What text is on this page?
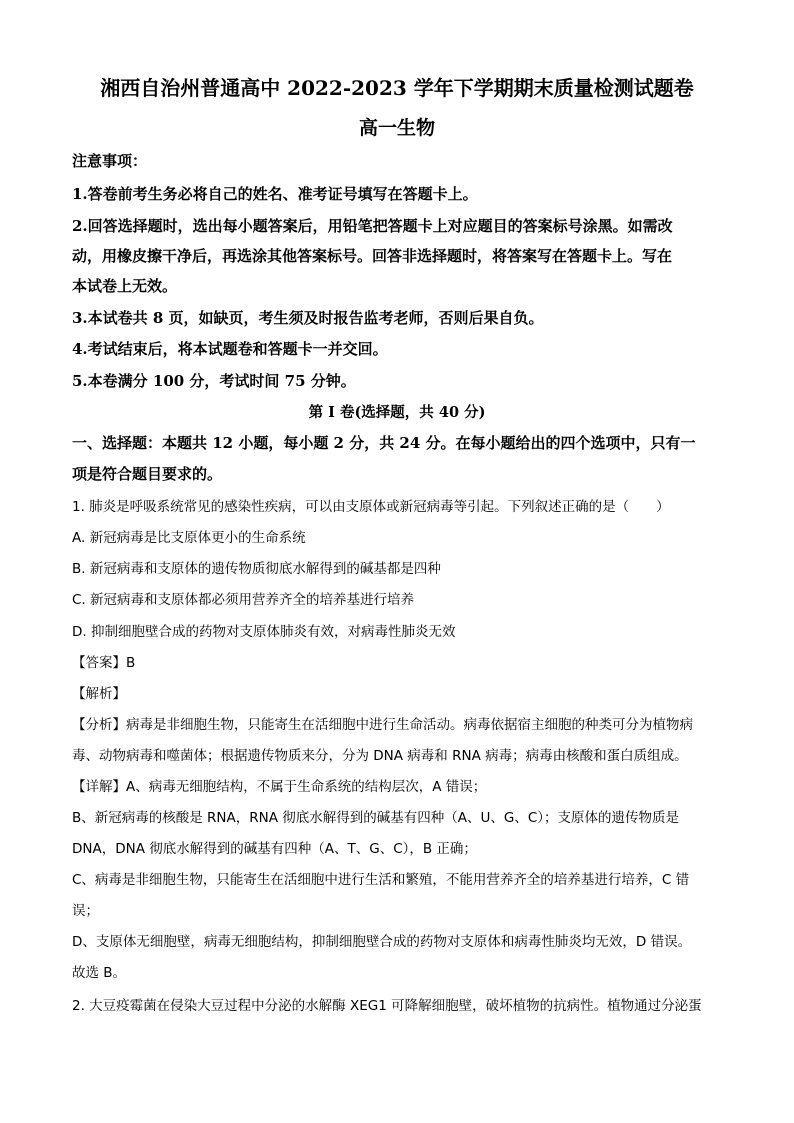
湘西自治州普通高中 2022-2023 学年下学期期末质量检测试题卷
高一生物
注意事项：
1.答卷前考生务必将自己的姓名、准考证号填写在答题卡上。
2.回答选择题时，选出每小题答案后，用铅笔把答题卡上对应题目的答案标号涂黑。如需改
动，用橡皮擦干净后，再选涂其他答案标号。回答非选择题时，将答案写在答题卡上。写在
本试卷上无效。
3.本试卷共 8 页，如缺页，考生须及时报告监考老师，否则后果自负。
4.考试结束后，将本试题卷和答题卡一并交回。
5.本卷满分 100 分，考试时间 75 分钟。
第 I 卷(选择题，共 40 分)
一、选择题：本题共 12 小题，每小题 2 分，共 24 分。在每小题给出的四个选项中，只有一
项是符合题目要求的。
1. 肺炎是呼吸系统常见的感染性疾病，可以由支原体或新冠病毒等引起。下列叙述正确的是（　　）
A. 新冠病毒是比支原体更小的生命系统
B. 新冠病毒和支原体的遗传物质彻底水解得到的碱基都是四种
C. 新冠病毒和支原体都必须用营养齐全的培养基进行培养
D. 抑制细胞壁合成的药物对支原体肺炎有效，对病毒性肺炎无效
【答案】B
【解析】
【分析】病毒是非细胞生物，只能寄生在活细胞中进行生命活动。病毒依据宿主细胞的种类可分为植物病
毒、动物病毒和噬菌体；根据遗传物质来分，分为 DNA 病毒和 RNA 病毒；病毒由核酸和蛋白质组成。
【详解】A、病毒无细胞结构，不属于生命系统的结构层次，A 错误；
B、新冠病毒的核酸是 RNA，RNA 彻底水解得到的碱基有四种（A、U、G、C）；支原体的遗传物质是
DNA，DNA 彻底水解得到的碱基有四种（A、T、G、C），B 正确；
C、病毒是非细胞生物，只能寄生在活细胞中进行生活和繁殖，不能用营养齐全的培养基进行培养，C 错
误；
D、支原体无细胞壁，病毒无细胞结构，抑制细胞壁合成的药物对支原体和病毒性肺炎均无效，D 错误。
故选 B。
2. 大豆疫霉菌在侵染大豆过程中分泌的水解酶 XEG1 可降解细胞壁，破坏植物的抗病性。植物通过分泌蛋
